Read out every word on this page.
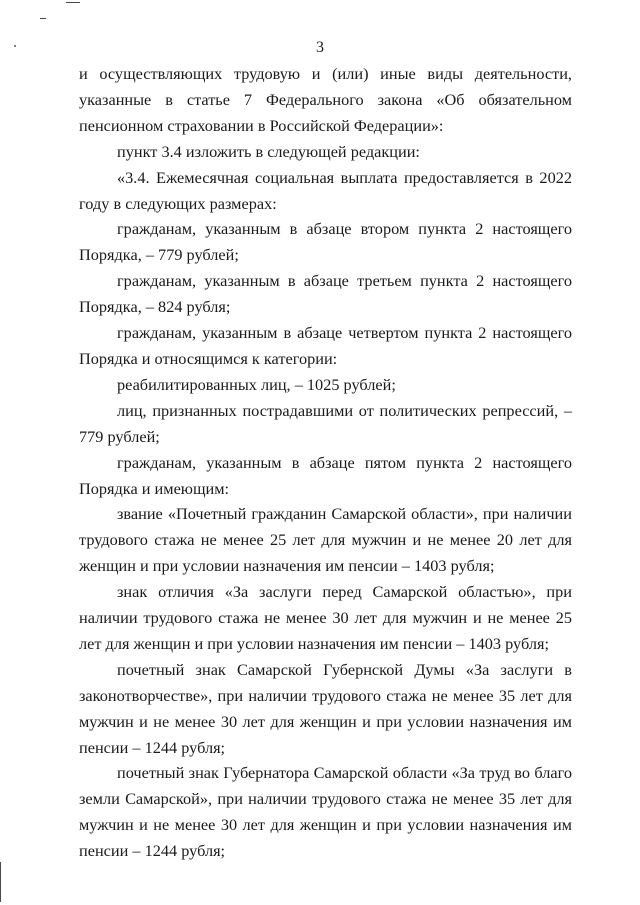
3

и осуществляющих трудовую и (или) иные виды деятельности, указанные в статье 7 Федерального закона «Об обязательном пенсионном страховании в Российской Федерации»:

пункт 3.4 изложить в следующей редакции:

«3.4. Ежемесячная социальная выплата предоставляется в 2022 году в следующих размерах:

гражданам, указанным в абзаце втором пункта 2 настоящего Порядка, – 779 рублей;

гражданам, указанным в абзаце третьем пункта 2 настоящего Порядка, – 824 рубля;

гражданам, указанным в абзаце четвертом пункта 2 настоящего Порядка и относящимся к категории:

реабилитированных лиц, – 1025 рублей;

лиц, признанных пострадавшими от политических репрессий, – 779 рублей;

гражданам, указанным в абзаце пятом пункта 2 настоящего Порядка и имеющим:

звание «Почетный гражданин Самарской области», при наличии трудового стажа не менее 25 лет для мужчин и не менее 20 лет для женщин и при условии назначения им пенсии – 1403 рубля;

знак отличия «За заслуги перед Самарской областью», при наличии трудового стажа не менее 30 лет для мужчин и не менее 25 лет для женщин и при условии назначения им пенсии – 1403 рубля;

почетный знак Самарской Губернской Думы «За заслуги в законотворчестве», при наличии трудового стажа не менее 35 лет для мужчин и не менее 30 лет для женщин и при условии назначения им пенсии – 1244 рубля;

почетный знак Губернатора Самарской области «За труд во благо земли Самарской», при наличии трудового стажа не менее 35 лет для мужчин и не менее 30 лет для женщин и при условии назначения им пенсии – 1244 рубля;
